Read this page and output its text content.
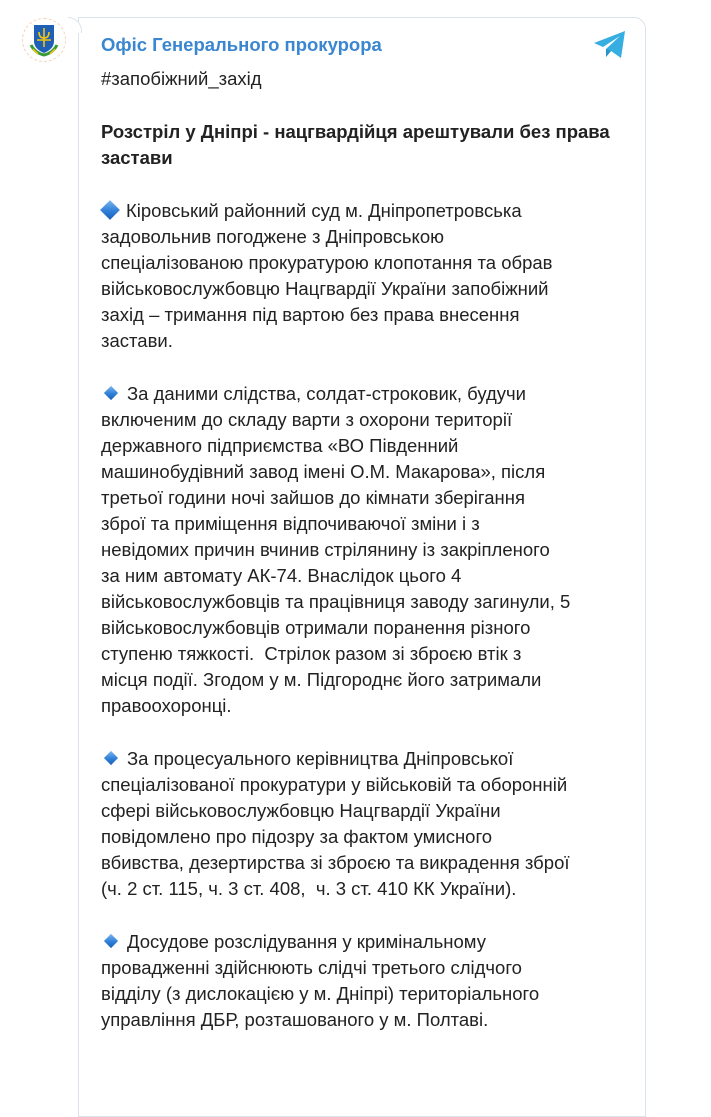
Офіс Генерального прокурора
#запобіжний_захід
Розстріл у Дніпрі - нацгвардійця арештували без права
застави
Кіровський районний суд м. Дніпропетровська
задовольнив погоджене з Дніпровською
спеціалізованою прокуратурою клопотання та обрав
військовослужбовцю Нацгвардії України запобіжний
захід – тримання під вартою без права внесення
застави.
За даними слідства, солдат-строковик, будучи
включеним до складу варти з охорони території
державного підприємства «ВО Південний
машинобудівний завод імені О.М. Макарова», після
третьої години ночі зайшов до кімнати зберігання
зброї та приміщення відпочиваючої зміни і з
невідомих причин вчинив стрілянину із закріпленого
за ним автомату АК-74. Внаслідок цього 4
військовослужбовців та працівниця заводу загинули, 5
військовослужбовців отримали поранення різного
ступеню тяжкості.  Стрілок разом зі зброєю втік з
місця події. Згодом у м. Підгороднє його затримали
правоохоронці.
За процесуального керівництва Дніпровської
спеціалізованої прокуратури у військовій та оборонній
сфері військовослужбовцю Нацгвардії України
повідомлено про підозру за фактом умисного
вбивства, дезертирства зі зброєю та викрадення зброї
(ч. 2 ст. 115, ч. 3 ст. 408,  ч. 3 ст. 410 КК України).
Досудове розслідування у кримінальному
провадженні здійснюють слідчі третього слідчого
відділу (з дислокацією у м. Дніпрі) територіального
управління ДБР, розташованого у м. Полтаві.
